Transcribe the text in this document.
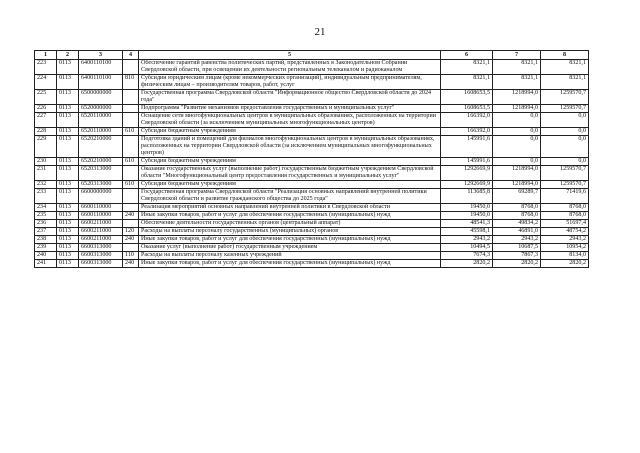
21
1	2	3	4	5	6	7	8
223	0113	6400110100		Обеспечение гарантий равенства политических партий, представленных в Законодательном Собрании Свердловской области, при освещении их деятельности региональным телеканалом и радиоканалом	8321,1	8321,1	8321,1
224	0113	6400110100	810	Субсидии юридическим лицам (кроме некоммерческих организаций), индивидуальным предпринимателям, физическим лицам – производителям товаров, работ, услуг	8321,1	8321,1	8321,1
225	0113	6500000000		Государственная программа Свердловской области "Информационное общество Свердловской области до 2024 года"	1608653,5	1218994,0	1259570,7
226	0113	6520000000		Подпрограмма "Развитие механизмов предоставления государственных и муниципальных услуг"	1608653,5	1218994,0	1259570,7
227	0113	6520110000		Оснащение сети многофункциональных центров в муниципальных образованиях, расположенных на территории Свердловской области (за исключением муниципальных многофункциональных центров)	166392,0	0,0	0,0
228	0113	6520110000	610	Субсидии бюджетным учреждениям	166392,0	0,0	0,0
229	0113	6520210000		Подготовка зданий и помещений для филиалов многофункциональных центров в муниципальных образованиях, расположенных на территории Свердловской области (за исключением муниципальных многофункциональных центров)	145991,6	0,0	0,0
230	0113	6520210000	610	Субсидии бюджетным учреждениям	145991,6	0,0	0,0
231	0113	6520313000		Оказание государственных услуг (выполнение работ) государственным бюджетным учреждением Свердловской области "Многофункциональный центр предоставления государственных и муниципальных услуг"	1292669,9	1218994,0	1259570,7
232	0113	6520313000	610	Субсидии бюджетным учреждениям	1292669,9	1218994,0	1259570,7
233	0113	6600000000		Государственная программа Свердловской области "Реализация основных направлений внутренней политики Свердловской области и развитие гражданского общества до 2025 года"	113685,8	69289,7	71419,6
234	0113	6600110000		Реализация мероприятий основных направлений внутренней политики в Свердловской области	19450,0	8768,0	8768,0
235	0113	6600110000	240	Иные закупки товаров, работ и услуг для обеспечения государственных (муниципальных) нужд	19450,0	8768,0	8768,0
236	0113	6600211000		Обеспечение деятельности государственных органов (центральный аппарат)	48541,3	49834,2	51697,4
237	0113	6600211000	120	Расходы на выплаты персоналу государственных (муниципальных) органов	45598,1	46891,0	48754,2
238	0113	6600211000	240	Иные закупки товаров, работ и услуг для обеспечения государственных (муниципальных) нужд	2943,2	2943,2	2943,2
239	0113	6600313000		Оказание услуг (выполнение работ) государственным учреждением	10494,5	10687,5	10954,2
240	0113	6600313000	110	Расходы на выплаты персоналу казенных учреждений	7674,3	7867,3	8134,0
241	0113	6600313000	240	Иные закупки товаров, работ и услуг для обеспечения государственных (муниципальных) нужд	2820,2	2820,2	2820,2
